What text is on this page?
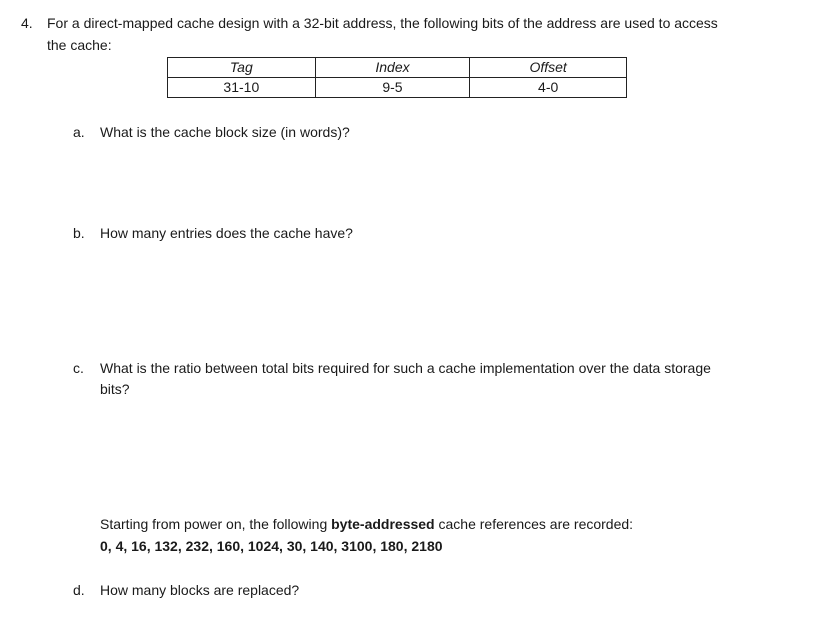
4. For a direct-mapped cache design with a 32-bit address, the following bits of the address are used to access
the cache:
Tag	Index	Offset
31-10	9-5	4-0
a. What is the cache block size (in words)?
b. How many entries does the cache have?
c. What is the ratio between total bits required for such a cache implementation over the data storage
bits?
Starting from power on, the following byte-addressed cache references are recorded:
0, 4, 16, 132, 232, 160, 1024, 30, 140, 3100, 180, 2180
d. How many blocks are replaced?
